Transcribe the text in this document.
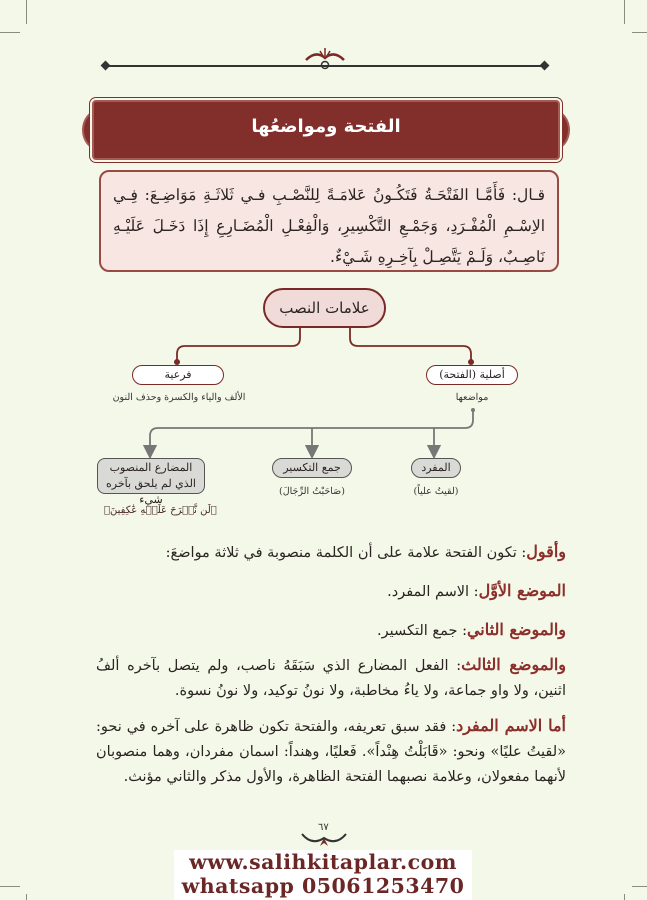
الفتحة ومواضعُها
قـال: فَأَمَّـا الفَتْحَـةُ فَتَكُـونُ عَلامَـةً لِلنَّصْـبِ فـي ثَلاثَـةِ مَوَاضِـعَ: فِـي الاِسْـمِ الْمُفْـرَدِ، وَجَمْـعِ التَّكْسِيرِ، وَالْفِعْـلِ الْمُضَـارِعِ إِذَا دَخَـلَ عَلَيْـهِ نَاصِـبٌ، وَلَـمْ يَتَّصِـلْ بِآخِـرِهِ شَـيْءٌ.
علامات النصب
فرعية
الألف والياء والكسرة وحذف النون
أصلية (الفتحة)
مواضعها
المفرد
(لقيتُ علياً)
جمع التكسير
(صَاحَبْتُ الرِّجَالَ)
المضارع المنصوب
الذي لم يلحق بآخره شيء
﴿لَن نَّبۡرَحَ عَلَيۡهِ عَٰكِفِينَ﴾
وأقول: تكون الفتحة علامة على أن الكلمة منصوبة في ثلاثة مواضعَ:
الموضع الأوَّل: الاسم المفرد.
والموضع الثاني: جمع التكسير.
والموضع الثالث: الفعل المضارع الذي سَبَقَهُ ناصب، ولم يتصل بآخره ألفُ اثنين، ولا واو جماعة، ولا ياءُ مخاطبة، ولا نونُ توكيد، ولا نونُ نسوة.
أما الاسم المفرد: فقد سبق تعريفه، والفتحة تكون ظاهرة على آخره في نحو: «لقيتُ عليًا» ونحو: «قَابَلْتُ هِنْداً». فَعليًا، وهنداً: اسمان مفردان، وهما منصوبان لأنهما مفعولان، وعلامة نصبهما الفتحة الظاهرة، والأول مذكر والثاني مؤنث.
٦٧
www.salihkitaplar.com
whatsapp 05061253470
